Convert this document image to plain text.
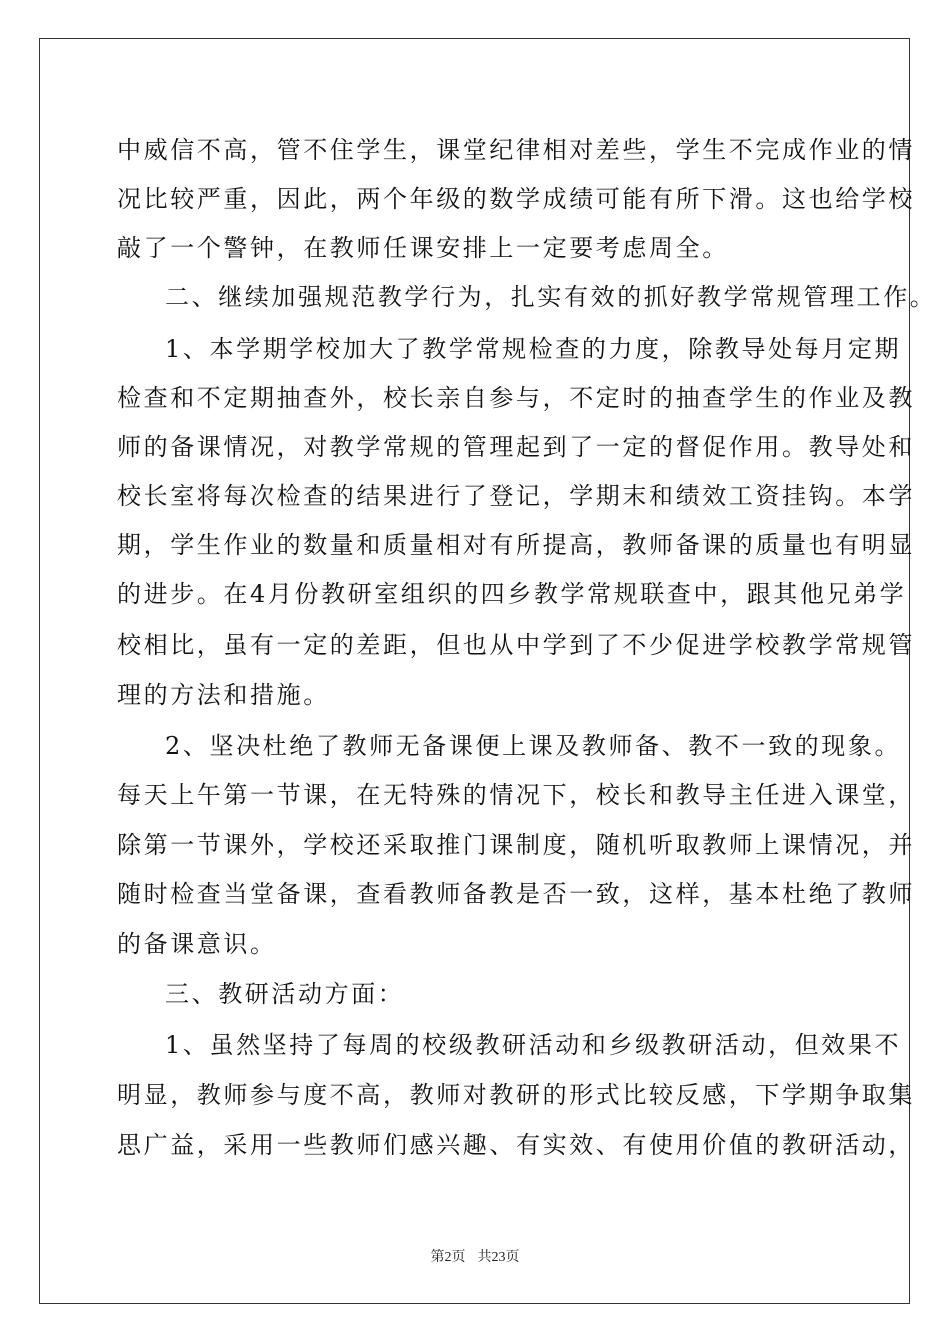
中威信不高，管不住学生，课堂纪律相对差些，学生不完成作业的情
况比较严重，因此，两个年级的数学成绩可能有所下滑。这也给学校
敲了一个警钟，在教师任课安排上一定要考虑周全。
二、继续加强规范教学行为，扎实有效的抓好教学常规管理工作。
1、本学期学校加大了教学常规检查的力度，除教导处每月定期
检查和不定期抽查外，校长亲自参与，不定时的抽查学生的作业及教
师的备课情况，对教学常规的管理起到了一定的督促作用。教导处和
校长室将每次检查的结果进行了登记，学期末和绩效工资挂钩。本学
期，学生作业的数量和质量相对有所提高，教师备课的质量也有明显
的进步。在4月份教研室组织的四乡教学常规联查中，跟其他兄弟学
校相比，虽有一定的差距，但也从中学到了不少促进学校教学常规管
理的方法和措施。
2、坚决杜绝了教师无备课便上课及教师备、教不一致的现象。
每天上午第一节课，在无特殊的情况下，校长和教导主任进入课堂，
除第一节课外，学校还采取推门课制度，随机听取教师上课情况，并
随时检查当堂备课，查看教师备教是否一致，这样，基本杜绝了教师
的备课意识。
三、教研活动方面：
1、虽然坚持了每周的校级教研活动和乡级教研活动，但效果不
明显，教师参与度不高，教师对教研的形式比较反感，下学期争取集
思广益，采用一些教师们感兴趣、有实效、有使用价值的教研活动，
第2页 共23页
